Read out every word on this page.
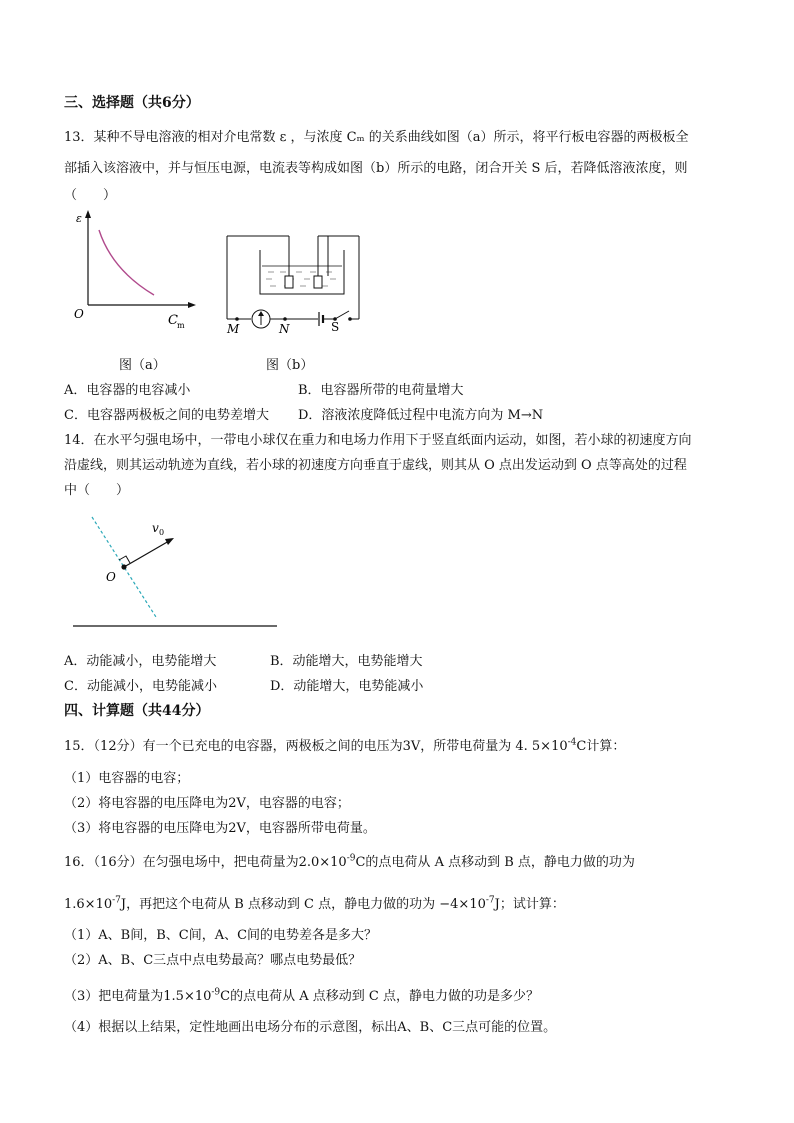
三、选择题（共6分）
13．某种不导电溶液的相对介电常数 ε ，与浓度 Cₘ 的关系曲线如图（a）所示，将平行板电容器的两极板全
部插入该溶液中，并与恒压电源，电流表等构成如图（b）所示的电路，闭合开关 S 后，若降低溶液浓度，则
（　　）
ε
O	C m	M	N	S
图（a）	图（b）
A．电容器的电容减小	B．电容器所带的电荷量增大
C．电容器两极板之间的电势差增大 D．溶液浓度降低过程中电流方向为 M→N
14．在水平匀强电场中，一带电小球仅在重力和电场力作用下于竖直纸面内运动，如图，若小球的初速度方向
沿虚线，则其运动轨迹为直线，若小球的初速度方向垂直于虚线，则其从 O 点出发运动到 O 点等高处的过程
中（　　）
v 0
O
A．动能减小，电势能增大	B．动能增大，电势能增大
C．动能减小，电势能减小	D．动能增大，电势能减小
四、计算题（共44分）
15．（12分）有一个已充电的电容器，两极板之间的电压为3V，所带电荷量为 4. $5\times 10^{-4}C$计算：
（1）电容器的电容；
（2）将电容器的电压降电为2V，电容器的电容；
（3）将电容器的电压降电为2V，电容器所带电荷量。
16．（16分）在匀强电场中，把电荷量为$2.0\times 10^{-9}C$的点电荷从 A 点移动到 B 点，静电力做的功为
$1.6\times 10^{-7}J$，再把这个电荷从 B 点移动到 C 点，静电力做的功为 $-4\times 10^{-7}J$；试计算：
（1）A、B间，B、C间，A、C间的电势差各是多大？
（2）A、B、C三点中点电势最高？哪点电势最低？
（3）把电荷量为$1.5\times 10^{-9}C$的点电荷从 A 点移动到 C 点，静电力做的功是多少？
（4）根据以上结果，定性地画出电场分布的示意图，标出A、B、C三点可能的位置。
